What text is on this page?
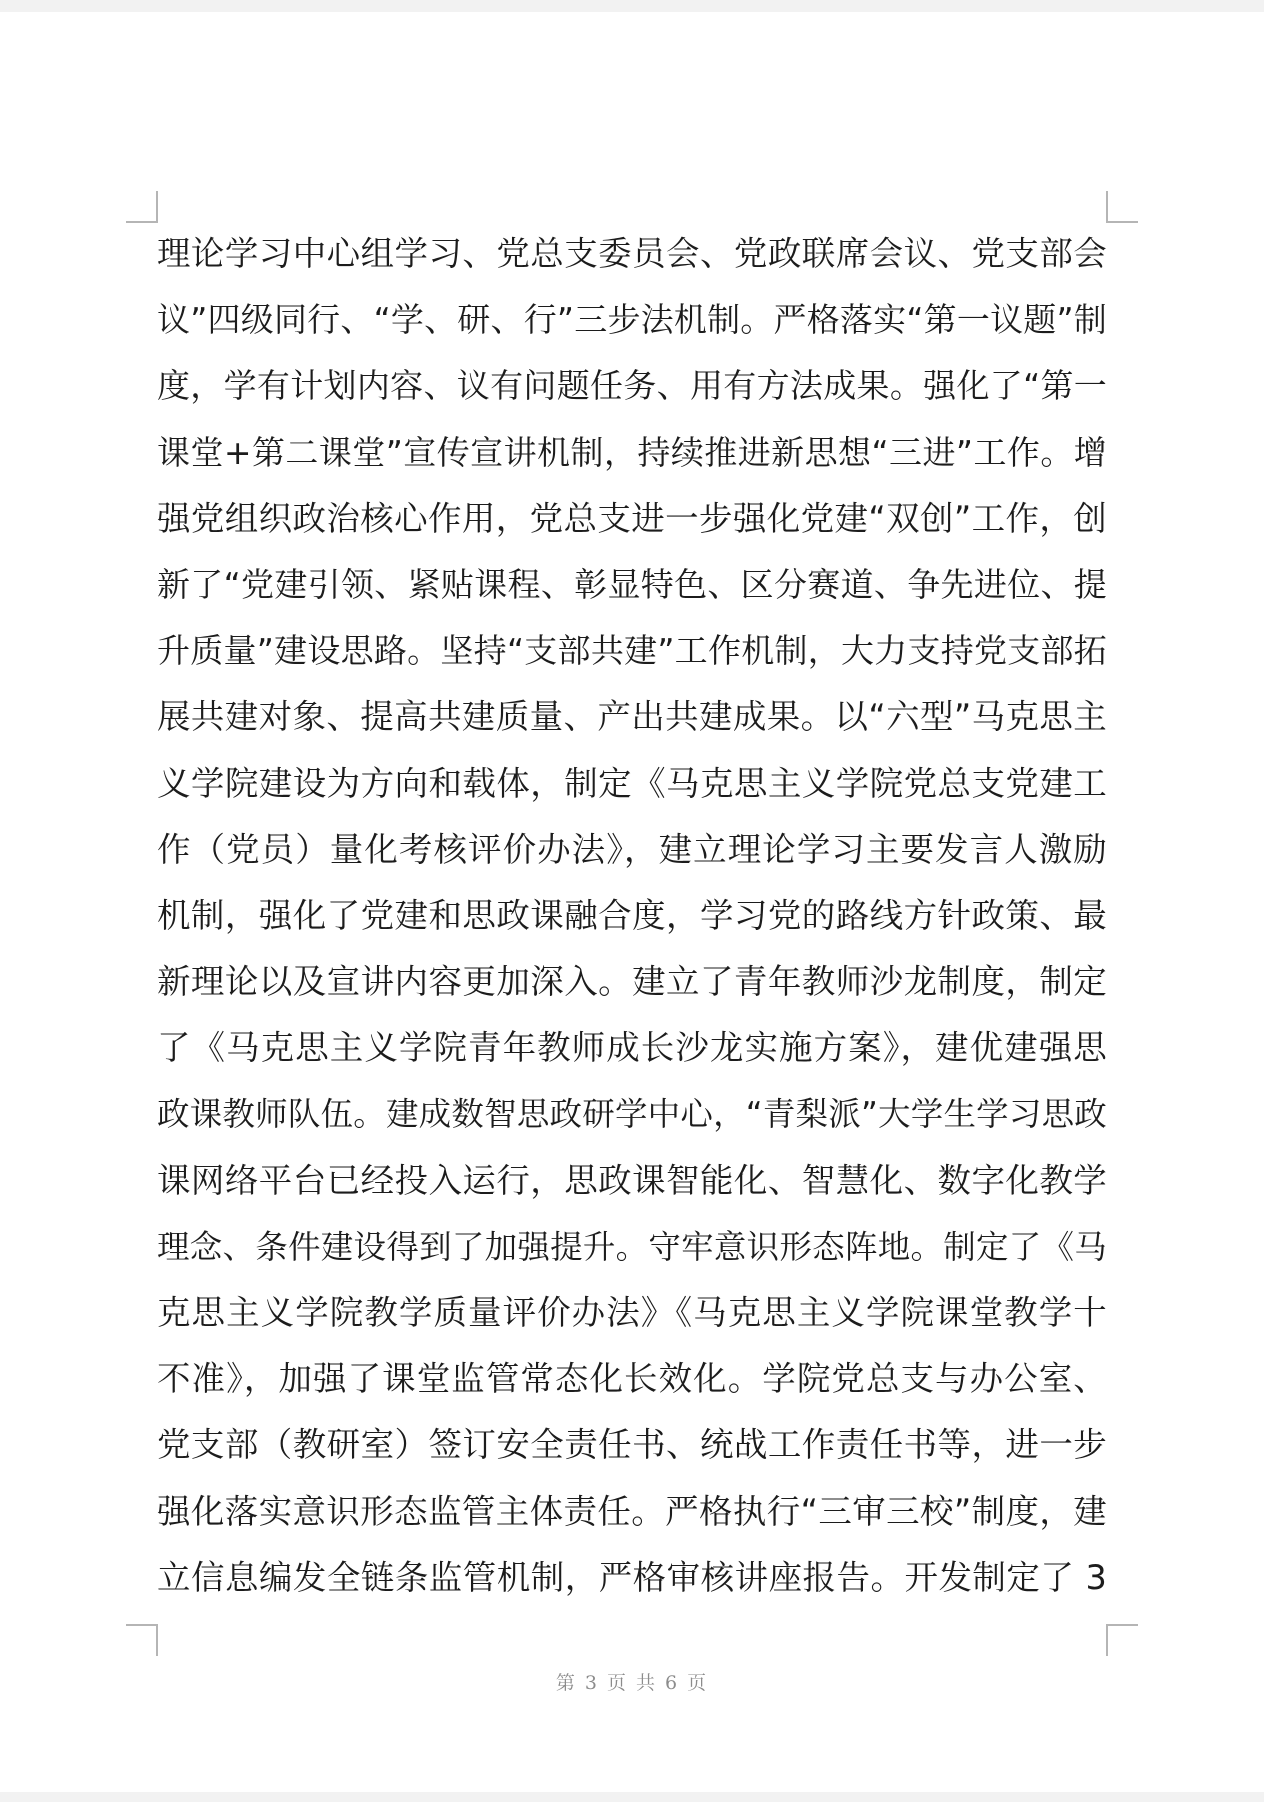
理论学习中心组学习、党总支委员会、党政联席会议、党支部会
议”四级同行、“学、研、行”三步法机制。严格落实“第一议题”制
度，学有计划内容、议有问题任务、用有方法成果。强化了“第一
课堂+第二课堂”宣传宣讲机制，持续推进新思想“三进”工作。增
强党组织政治核心作用，党总支进一步强化党建“双创”工作，创
新了“党建引领、紧贴课程、彰显特色、区分赛道、争先进位、提
升质量”建设思路。坚持“支部共建”工作机制，大力支持党支部拓
展共建对象、提高共建质量、产出共建成果。以“六型”马克思主
义学院建设为方向和载体，制定《马克思主义学院党总支党建工
作（党员）量化考核评价办法》，建立理论学习主要发言人激励
机制，强化了党建和思政课融合度，学习党的路线方针政策、最
新理论以及宣讲内容更加深入。建立了青年教师沙龙制度，制定
了《马克思主义学院青年教师成长沙龙实施方案》，建优建强思
政课教师队伍。建成数智思政研学中心，“青梨派”大学生学习思政
课网络平台已经投入运行，思政课智能化、智慧化、数字化教学
理念、条件建设得到了加强提升。守牢意识形态阵地。制定了《马
克思主义学院教学质量评价办法》《马克思主义学院课堂教学十
不准》，加强了课堂监管常态化长效化。学院党总支与办公室、
党支部（教研室）签订安全责任书、统战工作责任书等，进一步
强化落实意识形态监管主体责任。严格执行“三审三校”制度，建
立信息编发全链条监管机制，严格审核讲座报告。开发制定了 3
第 3 页 共 6 页
